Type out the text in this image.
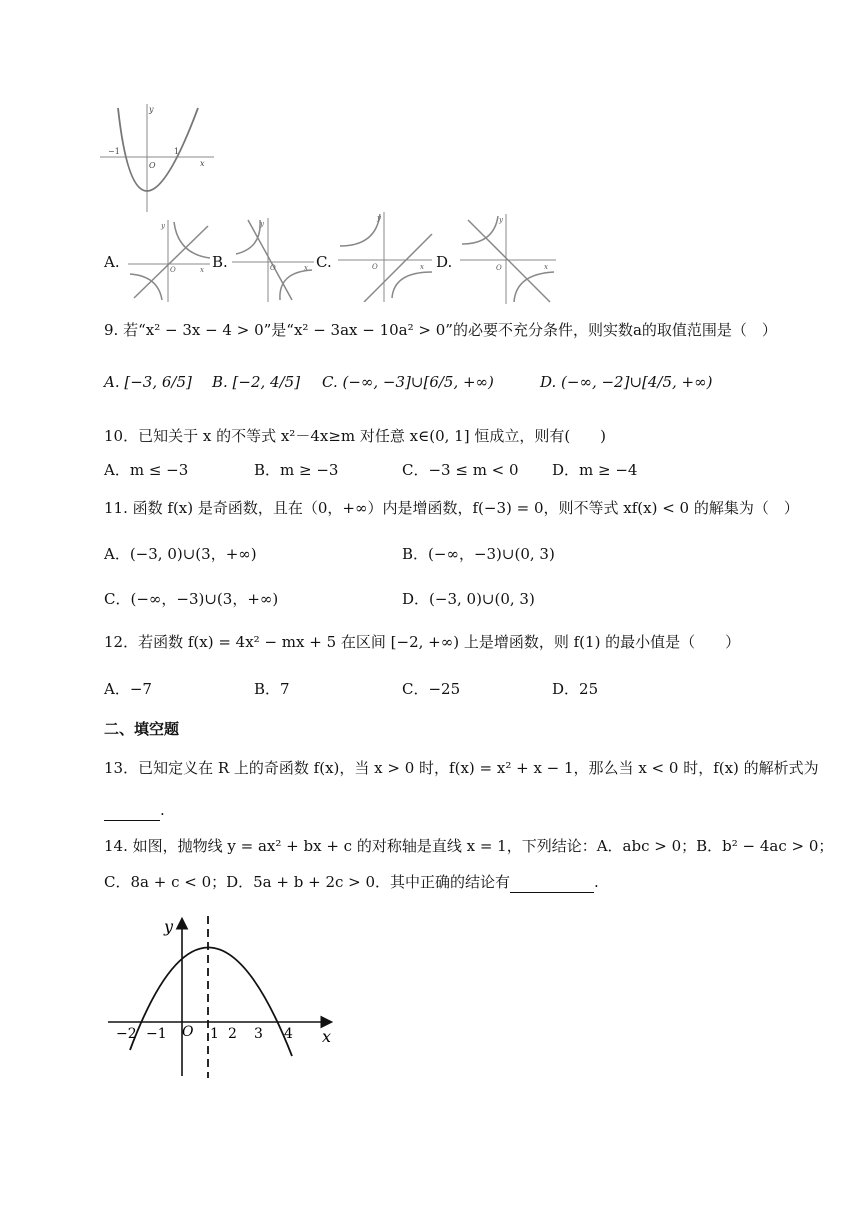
−1	1
O	x
y
A.	O	x
y
B.	O	x
y
C.	O	x
y
D.	O	x
y
9. 若“x² − 3x − 4 > 0”是“x² − 3ax − 10a² > 0”的必要不充分条件，则实数a的取值范围是（　）
A. [−3, 6/5] B. [−2, 4/5] C. (−∞, −3]∪[6/5, +∞)	D. (−∞, −2]∪[4/5, +∞)
10．已知关于 x 的不等式 x²－4x≥m 对任意 x∈(0, 1] 恒成立，则有(　　)
A．m ≤ −3	B．m ≥ −3	C．−3 ≤ m < 0 D．m ≥ −4
11. 函数 f(x) 是奇函数，且在（0，+∞）内是增函数，f(−3) = 0，则不等式 xf(x) < 0 的解集为（　）
A．(−3, 0)∪(3，+∞)	B．(−∞，−3)∪(0, 3)
C．(−∞，−3)∪(3，+∞)	D．(−3, 0)∪(0, 3)
12．若函数 f(x) = 4x² − mx + 5 在区间 [−2, +∞) 上是增函数，则 f(1) 的最小值是（　　）
A．−7	B．7	C．−25	D．25
二、填空题
13．已知定义在 R 上的奇函数 f(x)，当 x > 0 时，f(x) = x² + x − 1，那么当 x < 0 时，f(x) 的解析式为
.
14. 如图，抛物线 y = ax² + bx + c 的对称轴是直线 x = 1，下列结论：A．abc > 0；B．b² − 4ac > 0；
C．8a + c < 0；D．5a + b + 2c > 0．其中正确的结论有	.
y
x
O
−2 −1	1 2 3 4
